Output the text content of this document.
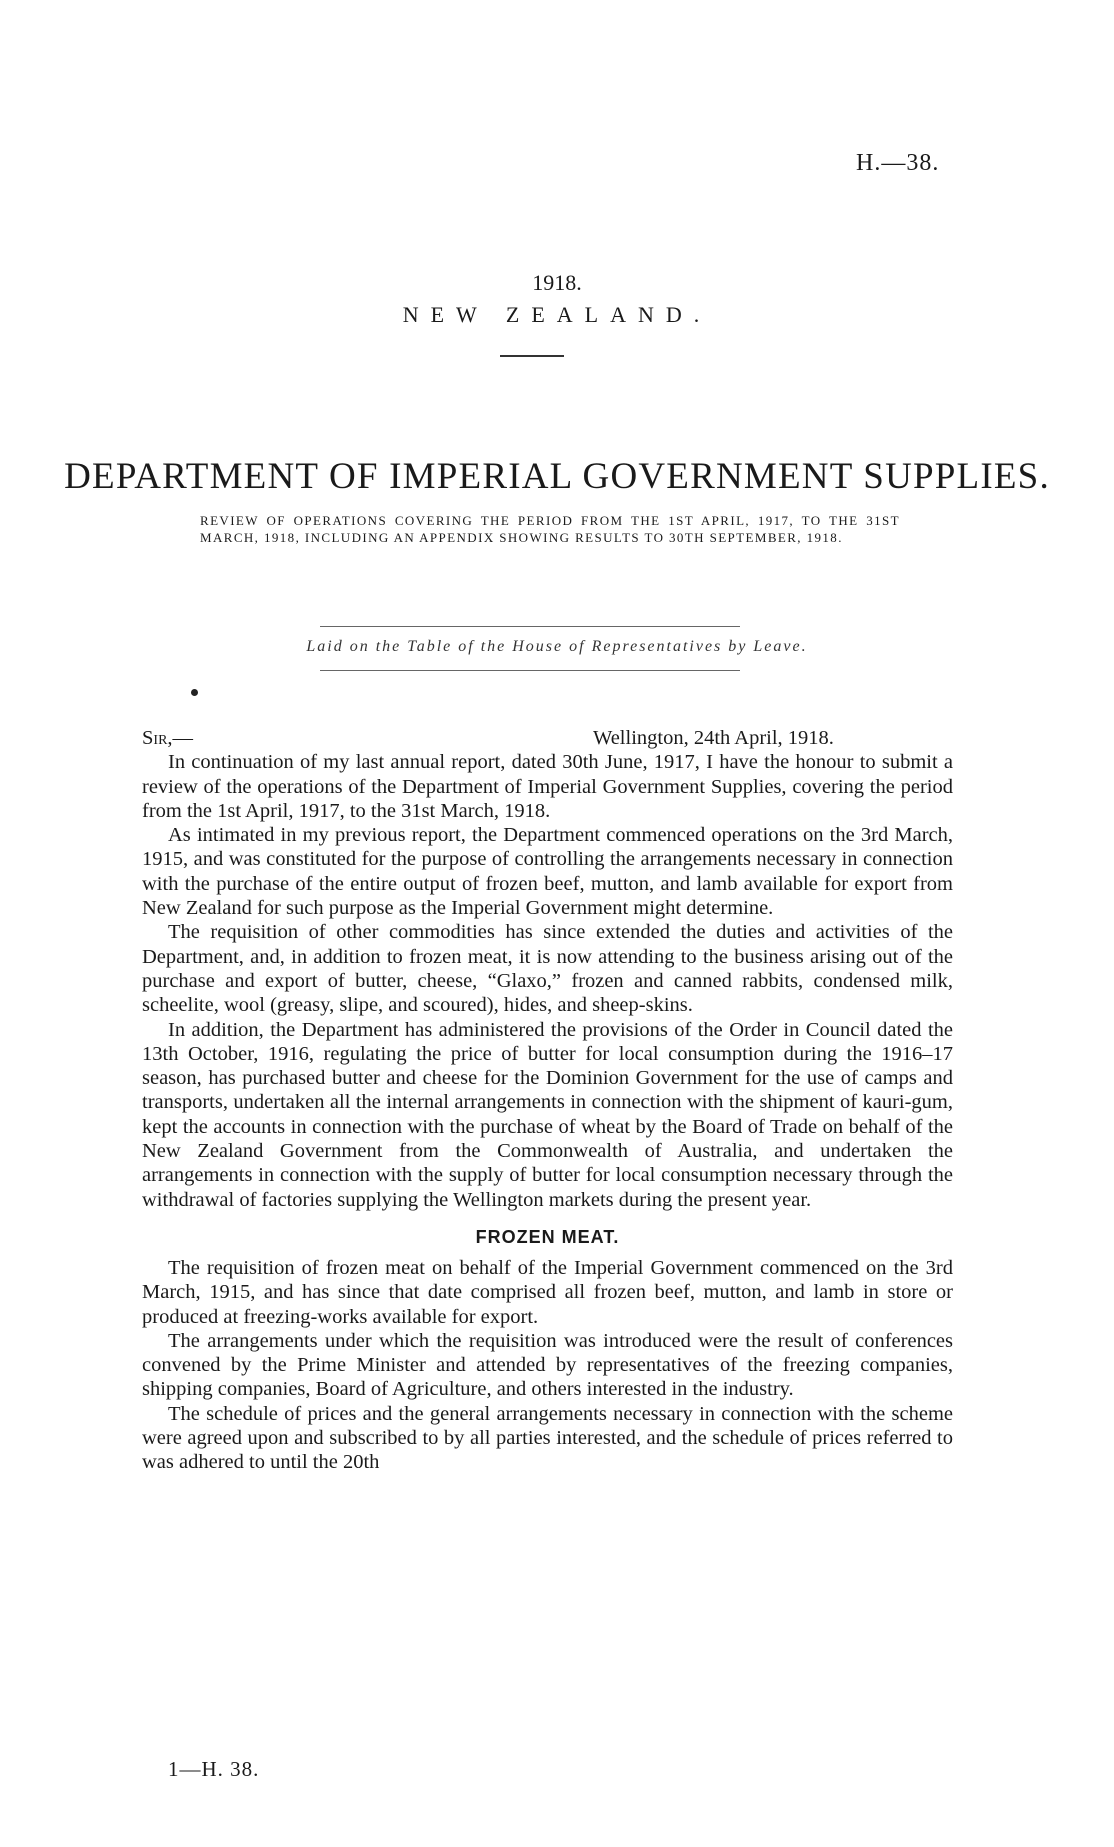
H.—38.
1918.
NEW ZEALAND.
DEPARTMENT OF IMPERIAL GOVERNMENT SUPPLIES.
REVIEW OF OPERATIONS COVERING THE PERIOD FROM THE 1ST APRIL, 1917, TO THE 31ST MARCH, 1918, INCLUDING AN APPENDIX SHOWING RESULTS TO 30TH SEPTEMBER, 1918.
Laid on the Table of the House of Representatives by Leave.
Sir,—	Wellington, 24th April, 1918.

In continuation of my last annual report, dated 30th June, 1917, I have the honour to submit a review of the operations of the Department of Imperial Government Supplies, covering the period from the 1st April, 1917, to the 31st March, 1918.

As intimated in my previous report, the Department commenced operations on the 3rd March, 1915, and was constituted for the purpose of controlling the arrangements necessary in connection with the purchase of the entire output of frozen beef, mutton, and lamb available for export from New Zealand for such purpose as the Imperial Government might determine.

The requisition of other commodities has since extended the duties and activities of the Department, and, in addition to frozen meat, it is now attending to the business arising out of the purchase and export of butter, cheese, “Glaxo,” frozen and canned rabbits, condensed milk, scheelite, wool (greasy, slipe, and scoured), hides, and sheep-skins.

In addition, the Department has administered the provisions of the Order in Council dated the 13th October, 1916, regulating the price of butter for local consumption during the 1916–17 season, has purchased butter and cheese for the Dominion Government for the use of camps and transports, undertaken all the internal arrangements in connection with the shipment of kauri-gum, kept the accounts in connection with the purchase of wheat by the Board of Trade on behalf of the New Zealand Government from the Commonwealth of Australia, and undertaken the arrangements in connection with the supply of butter for local consumption necessary through the withdrawal of factories supplying the Wellington markets during the present year.

FROZEN MEAT.

The requisition of frozen meat on behalf of the Imperial Government commenced on the 3rd March, 1915, and has since that date comprised all frozen beef, mutton, and lamb in store or produced at freezing-works available for export.

The arrangements under which the requisition was introduced were the result of conferences convened by the Prime Minister and attended by representatives of the freezing companies, shipping companies, Board of Agriculture, and others interested in the industry.

The schedule of prices and the general arrangements necessary in connection with the scheme were agreed upon and subscribed to by all parties interested, and the schedule of prices referred to was adhered to until the 20th

1—H. 38.
